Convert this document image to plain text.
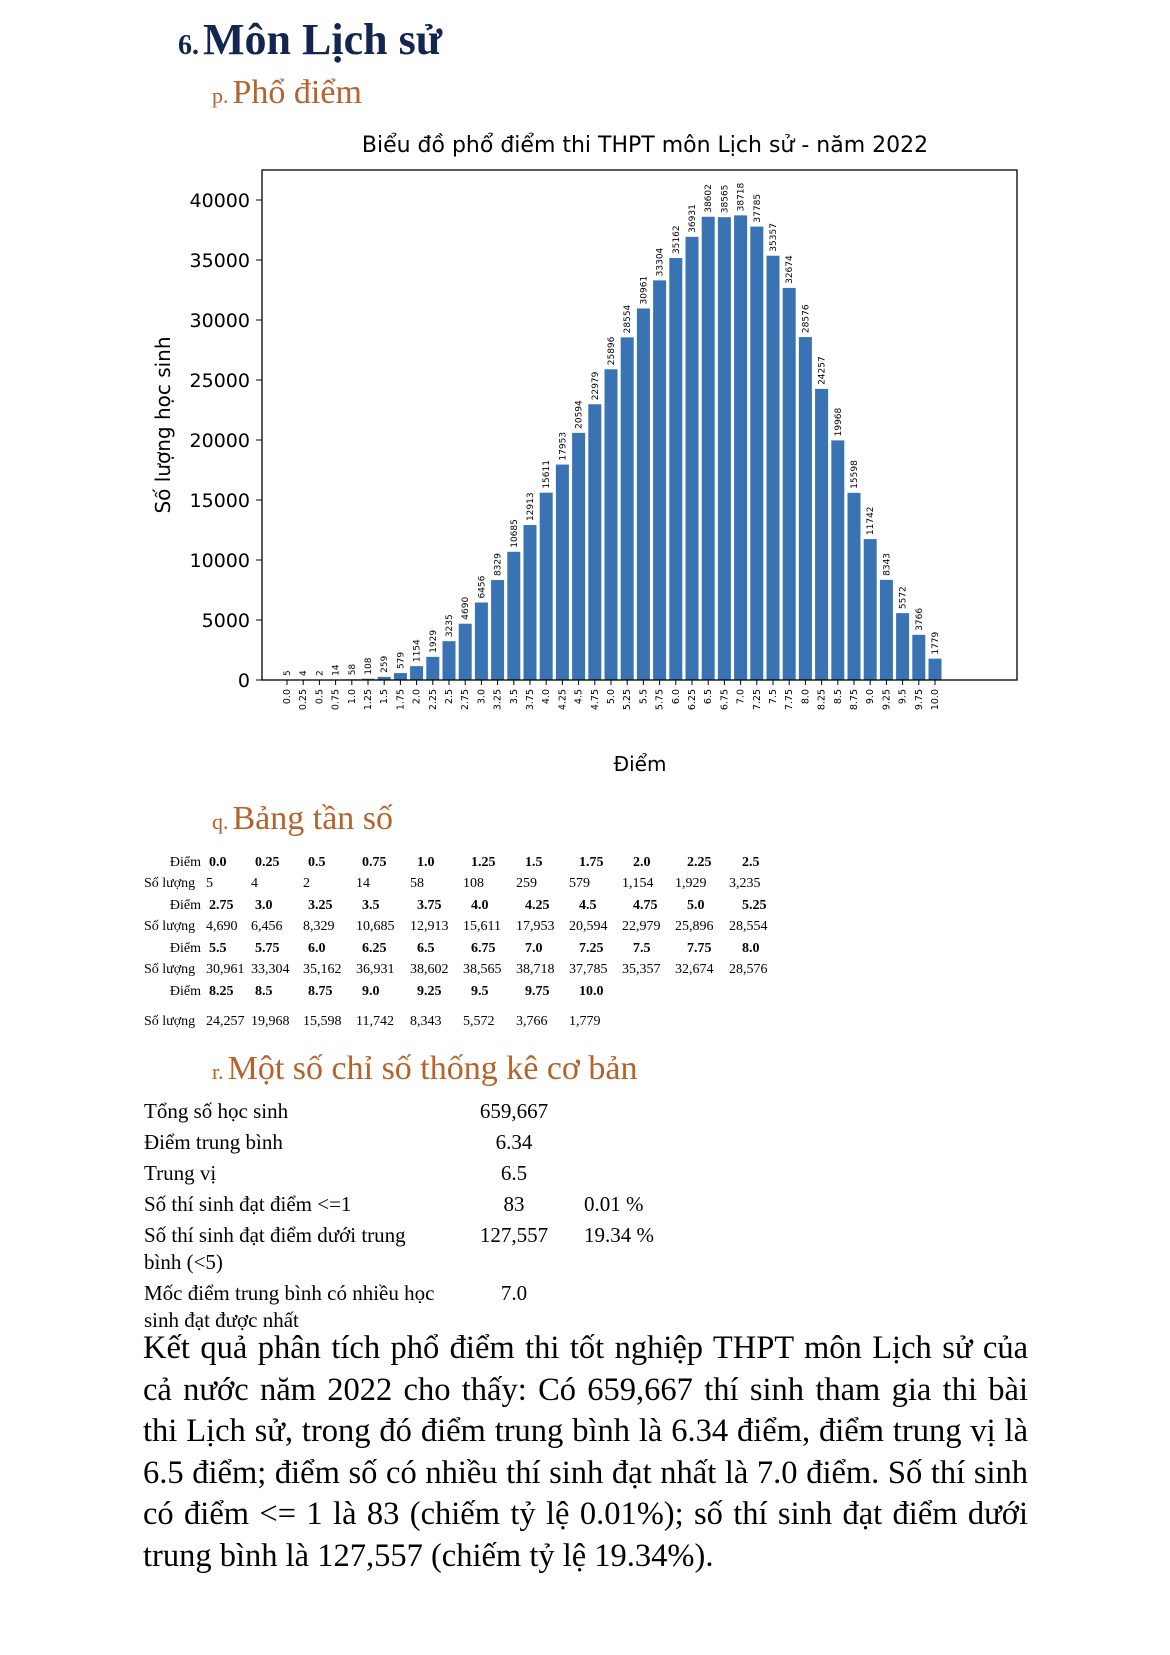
6.Môn Lịch sử
p. Phổ điểm
Biểu đồ phổ điểm thi THPT môn Lịch sử - năm 2022
Điểm
Số lượng học sinh
0
5000
10000
15000
20000
25000
30000
35000
40000
5
0.0
4
0.25
2
0.5
14
0.75
58
1.0
108
1.25
259
1.5
579
1.75
1154
2.0
1929
2.25
3235
2.5
4690
2.75
6456
3.0
8329
3.25
10685
3.5
12913
3.75
15611
4.0
17953
4.25
20594
4.5
22979
4.75
25896
5.0
28554
5.25
30961
5.5
33304
5.75
35162
6.0
36931
6.25
38602
6.5
38565
6.75
38718
7.0
37785
7.25
35357
7.5
32674
7.75
28576
8.0
24257
8.25
19968
8.5
15598
8.75
11742
9.0
8343
9.25
5572
9.5
3766
9.75
1779
10.0
q. Bảng tần số
Điểm 0.0	0.25	0.5	0.75	1.0	1.25	1.5	1.75	2.0	2.25	2.5
Số lượng 5	4	2	14	58	108	259	579	1,154	1,929	3,235
Điểm 2.75	3.0	3.25	3.5	3.75	4.0	4.25	4.5	4.75	5.0	5.25
Số lượng 4,690 6,456	8,329	10,685	12,913	15,611	17,953	20,594	22,979	25,896	28,554
Điểm 5.5	5.75	6.0	6.25	6.5	6.75	7.0	7.25	7.5	7.75	8.0
Số lượng 30,961 33,304 35,162	36,931	38,602	38,565	38,718	37,785	35,357	32,674	28,576
Điểm 8.25	8.5	8.75	9.0	9.25	9.5	9.75	10.0
Số lượng 24,257 19,968 15,598	11,742	8,343	5,572	3,766	1,779
r. Một số chỉ số thống kê cơ bản
Tổng số học sinh	659,667
Điểm trung bình	6.34
Trung vị	6.5
Số thí sinh đạt điểm <=1	83	0.01 %
Số thí sinh đạt điểm dưới trung bình (<5)
127,557	19.34 %
Mốc điểm trung bình có nhiều học sinh đạt được nhất
7.0
Kết quả phân tích phổ điểm thi tốt nghiệp THPT môn Lịch sử của cả nước năm 2022 cho thấy: Có 659,667 thí sinh tham gia thi bài thi Lịch sử, trong đó điểm trung bình là 6.34 điểm, điểm trung vị là 6.5 điểm; điểm số có nhiều thí sinh đạt nhất là 7.0 điểm. Số thí sinh có điểm <= 1 là 83 (chiếm tỷ lệ 0.01%); số thí sinh đạt điểm dưới trung bình là 127,557 (chiếm tỷ lệ 19.34%).
